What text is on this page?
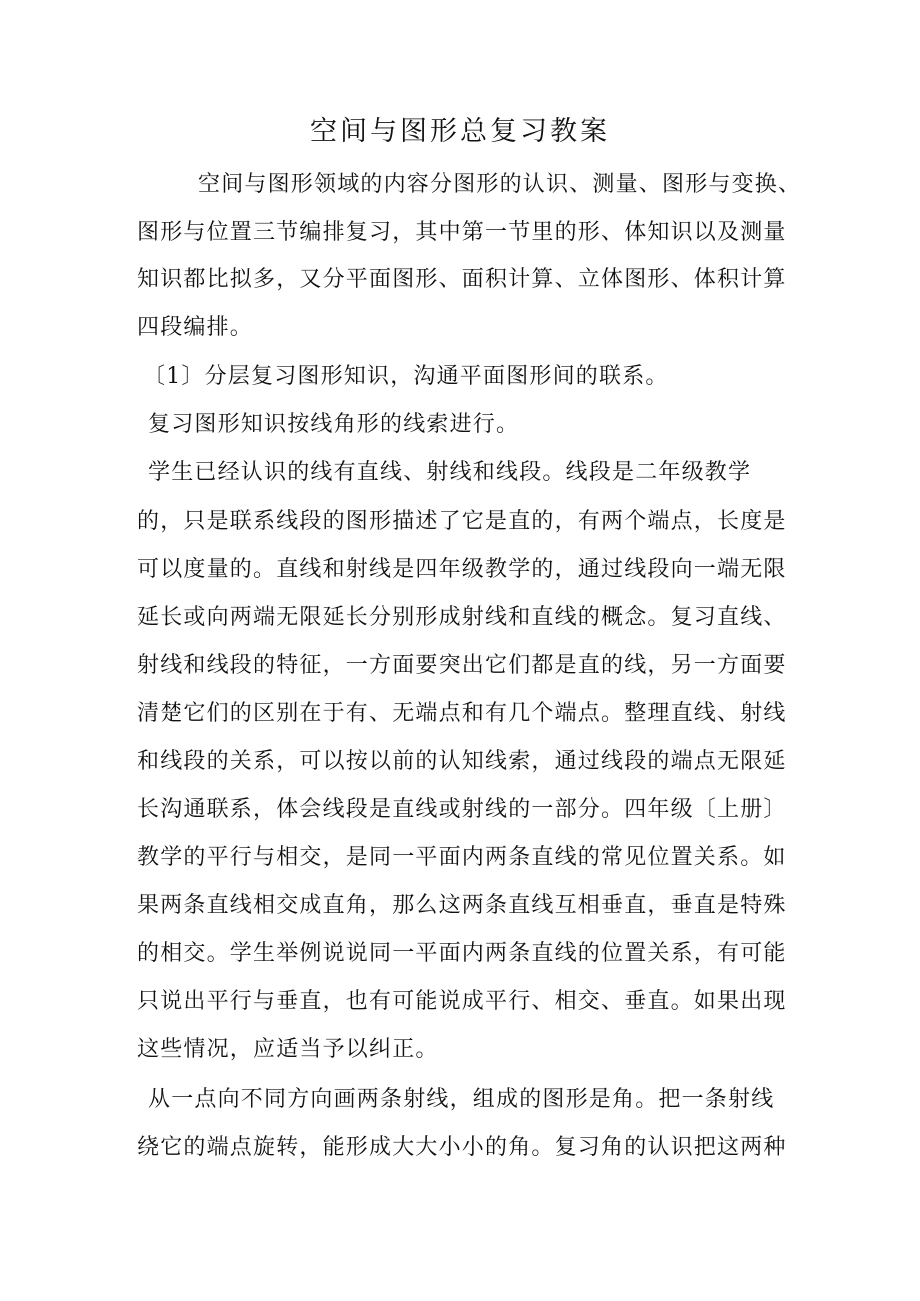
空间与图形总复习教案

空间与图形领域的内容分图形的认识、测量、图形与变换、

图形与位置三节编排复习，其中第一节里的形、体知识以及测量

知识都比拟多，又分平面图形、面积计算、立体图形、体积计算

四段编排。

〔1〕分层复习图形知识，沟通平面图形间的联系。

复习图形知识按线角形的线索进行。

学生已经认识的线有直线、射线和线段。线段是二年级教学

的，只是联系线段的图形描述了它是直的，有两个端点，长度是

可以度量的。直线和射线是四年级教学的，通过线段向一端无限

延长或向两端无限延长分别形成射线和直线的概念。复习直线、

射线和线段的特征，一方面要突出它们都是直的线，另一方面要

清楚它们的区别在于有、无端点和有几个端点。整理直线、射线

和线段的关系，可以按以前的认知线索，通过线段的端点无限延

长沟通联系，体会线段是直线或射线的一部分。四年级〔上册〕

教学的平行与相交，是同一平面内两条直线的常见位置关系。如

果两条直线相交成直角，那么这两条直线互相垂直，垂直是特殊

的相交。学生举例说说同一平面内两条直线的位置关系，有可能

只说出平行与垂直，也有可能说成平行、相交、垂直。如果出现

这些情况，应适当予以纠正。

从一点向不同方向画两条射线，组成的图形是角。把一条射线

绕它的端点旋转，能形成大大小小的角。复习角的认识把这两种
